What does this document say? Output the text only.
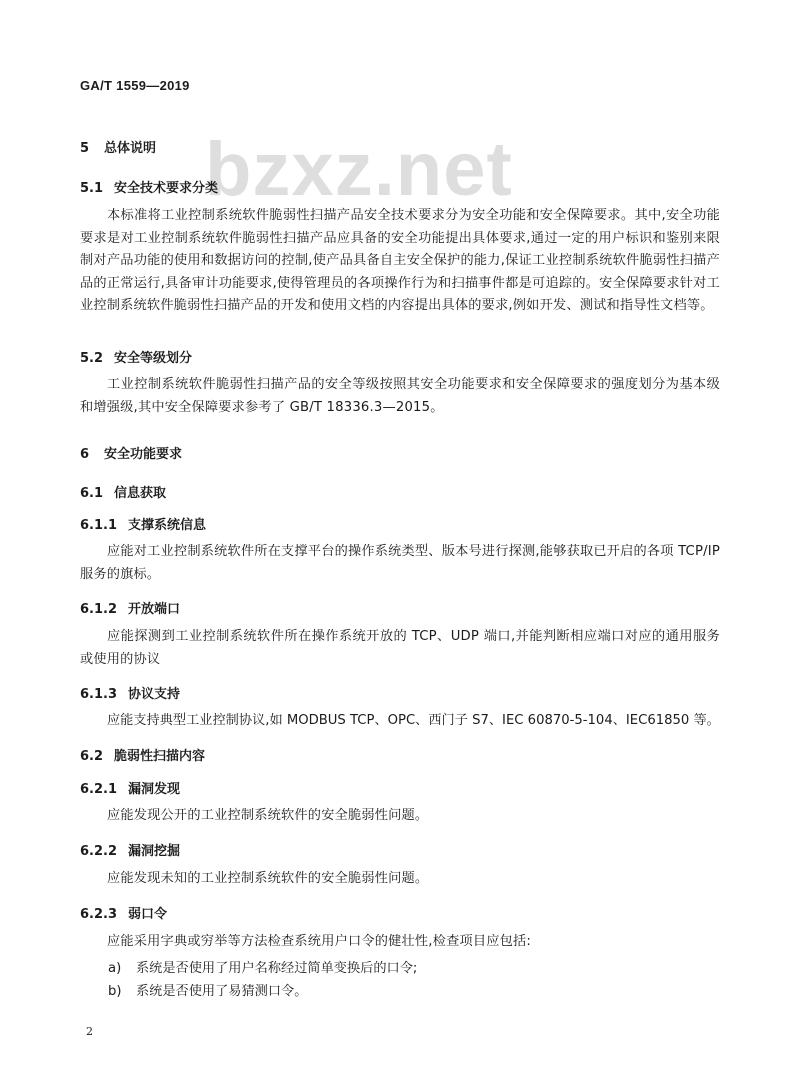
GA/T 1559—2019
bzxz.net
5 总体说明
5.1 安全技术要求分类
本标准将工业控制系统软件脆弱性扫描产品安全技术要求分为安全功能和安全保障要求。其中,安全功能要求是对工业控制系统软件脆弱性扫描产品应具备的安全功能提出具体要求,通过一定的用户标识和鉴别来限制对产品功能的使用和数据访问的控制,使产品具备自主安全保护的能力,保证工业控制系统软件脆弱性扫描产品的正常运行,具备审计功能要求,使得管理员的各项操作行为和扫描事件都是可追踪的。安全保障要求针对工业控制系统软件脆弱性扫描产品的开发和使用文档的内容提出具体的要求,例如开发、测试和指导性文档等。
5.2 安全等级划分
工业控制系统软件脆弱性扫描产品的安全等级按照其安全功能要求和安全保障要求的强度划分为基本级和增强级,其中安全保障要求参考了 GB/T 18336.3—2015。
6 安全功能要求
6.1 信息获取
6.1.1 支撑系统信息
应能对工业控制系统软件所在支撑平台的操作系统类型、版本号进行探测,能够获取已开启的各项 TCP/IP 服务的旗标。
6.1.2 开放端口
应能探测到工业控制系统软件所在操作系统开放的 TCP、UDP 端口,并能判断相应端口对应的通用服务或使用的协议
6.1.3 协议支持
应能支持典型工业控制协议,如 MODBUS TCP、OPC、西门子 S7、IEC 60870-5-104、IEC61850 等。
6.2 脆弱性扫描内容
6.2.1 漏洞发现
应能发现公开的工业控制系统软件的安全脆弱性问题。
6.2.2 漏洞挖掘
应能发现未知的工业控制系统软件的安全脆弱性问题。
6.2.3 弱口令
应能采用字典或穷举等方法检查系统用户口令的健壮性,检查项目应包括:
a) 系统是否使用了用户名称经过简单变换后的口令;
b) 系统是否使用了易猜测口令。
2
